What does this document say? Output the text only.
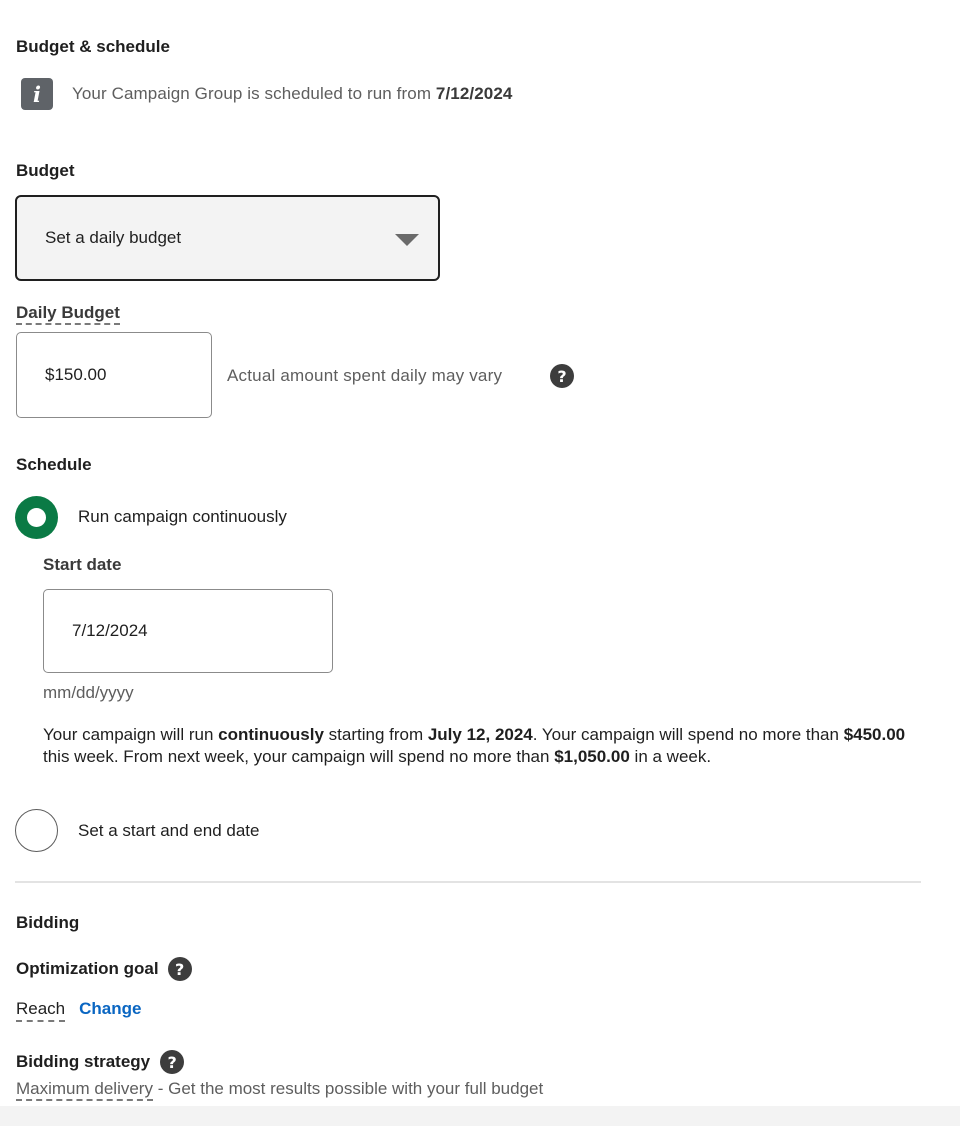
Budget & schedule
i	Your Campaign Group is scheduled to run from 7/12/2024
Budget
Set a daily budget
Daily Budget
$150.00	Actual amount spent daily may vary	?
Schedule
Run campaign continuously
Start date
7/12/2024
mm/dd/yyyy
Your campaign will run continuously starting from July 12, 2024. Your campaign will spend no more than $450.00 this week. From next week, your campaign will spend no more than $1,050.00 in a week.
Set a start and end date
Bidding
Optimization goal	?
Reach Change
Bidding strategy	?
Maximum delivery - Get the most results possible with your full budget
